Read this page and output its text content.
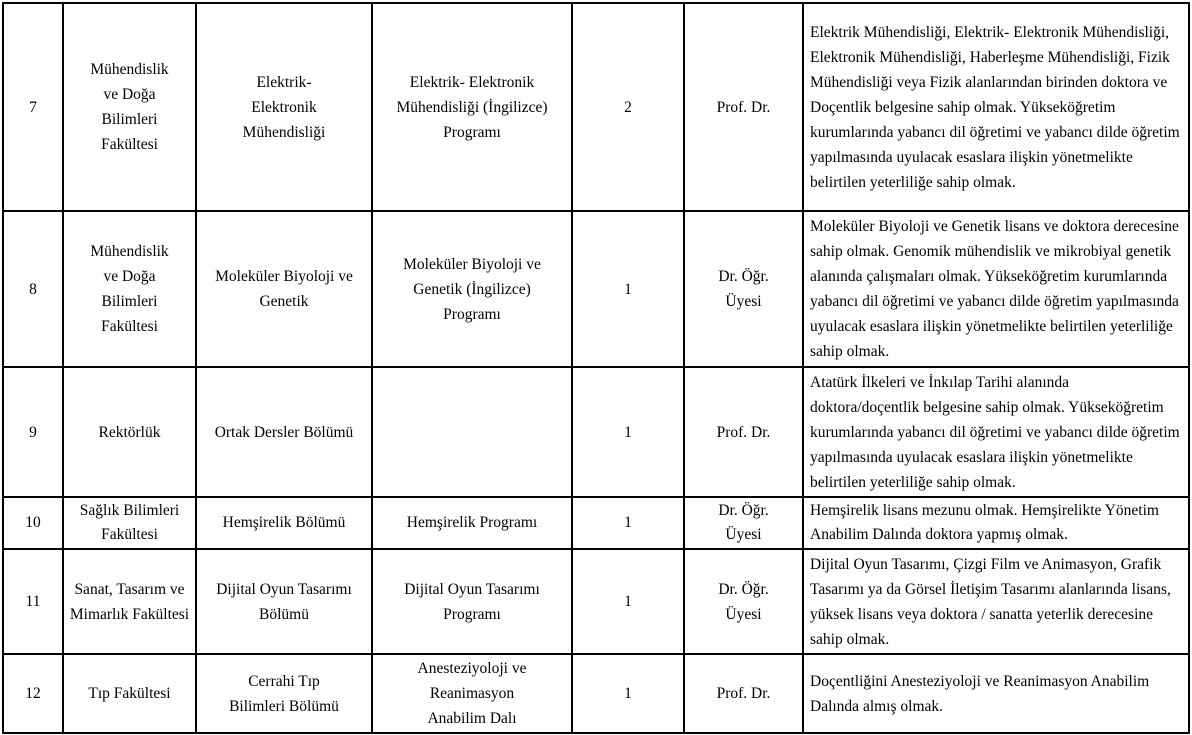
7	Mühendislik ve Doğa Bilimleri Fakültesi	Elektrik- Elektronik Mühendisliği	Elektrik- Elektronik Mühendisliği (İngilizce) Programı	2	Prof. Dr.	Elektrik Mühendisliği, Elektrik- Elektronik Mühendisliği, Elektronik Mühendisliği, Haberleşme Mühendisliği, Fizik Mühendisliği veya Fizik alanlarından birinden doktora ve Doçentlik belgesine sahip olmak. Yükseköğretim kurumlarında yabancı dil öğretimi ve yabancı dilde öğretim yapılmasında uyulacak esaslara ilişkin yönetmelikte belirtilen yeterliliğe sahip olmak.
8	Mühendislik ve Doğa Bilimleri Fakültesi	Moleküler Biyoloji ve Genetik	Moleküler Biyoloji ve Genetik (İngilizce) Programı	1	Dr. Öğr. Üyesi	Moleküler Biyoloji ve Genetik lisans ve doktora derecesine sahip olmak. Genomik mühendislik ve mikrobiyal genetik alanında çalışmaları olmak. Yükseköğretim kurumlarında yabancı dil öğretimi ve yabancı dilde öğretim yapılmasında uyulacak esaslara ilişkin yönetmelikte belirtilen yeterliliğe sahip olmak.
9	Rektörlük	Ortak Dersler Bölümü		1	Prof. Dr.	Atatürk İlkeleri ve İnkılap Tarihi alanında doktora/doçentlik belgesine sahip olmak. Yükseköğretim kurumlarında yabancı dil öğretimi ve yabancı dilde öğretim yapılmasında uyulacak esaslara ilişkin yönetmelikte belirtilen yeterliliğe sahip olmak.
10	Sağlık Bilimleri Fakültesi	Hemşirelik Bölümü	Hemşirelik Programı	1	Dr. Öğr. Üyesi	Hemşirelik lisans mezunu olmak. Hemşirelikte Yönetim Anabilim Dalında doktora yapmış olmak.
11	Sanat, Tasarım ve Mimarlık Fakültesi	Dijital Oyun Tasarımı Bölümü	Dijital Oyun Tasarımı Programı	1	Dr. Öğr. Üyesi	Dijital Oyun Tasarımı, Çizgi Film ve Animasyon, Grafik Tasarımı ya da Görsel İletişim Tasarımı alanlarında lisans, yüksek lisans veya doktora / sanatta yeterlik derecesine sahip olmak.
12	Tıp Fakültesi	Cerrahi Tıp Bilimleri Bölümü	Anesteziyoloji ve Reanimasyon Anabilim Dalı	1	Prof. Dr.	Doçentliğini Anesteziyoloji ve Reanimasyon Anabilim Dalında almış olmak.
